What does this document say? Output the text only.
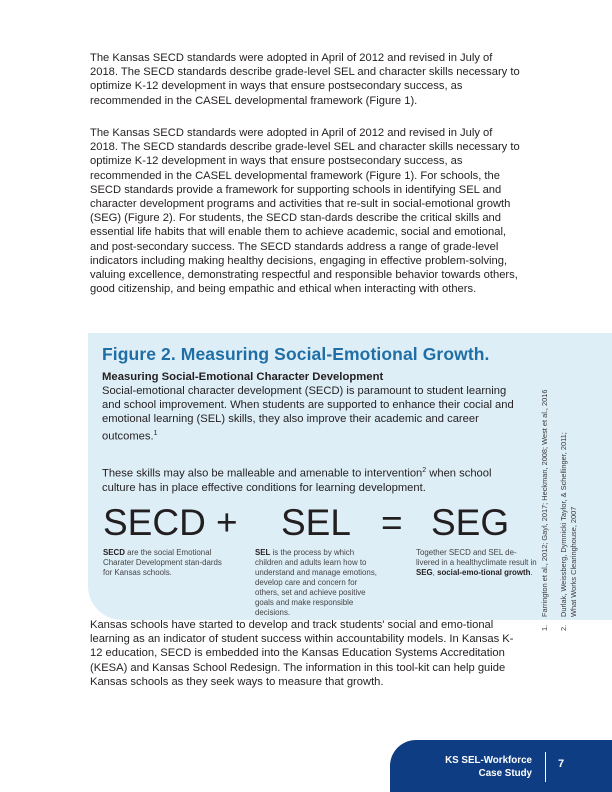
The Kansas SECD standards were adopted in April of 2012 and revised in July of 2018. The SECD standards describe grade-level SEL and character skills necessary to optimize K-12 development in ways that ensure postsecondary success, as recommended in the CASEL developmental framework (Figure 1).

The Kansas SECD standards were adopted in April of 2012 and revised in July of 2018. The SECD standards describe grade-level SEL and character skills necessary to optimize K-12 development in ways that ensure postsecondary success, as recommended in the CASEL developmental framework (Figure 1). For schools, the SECD standards provide a framework for supporting schools in identifying SEL and character development programs and activities that re-sult in social-emotional growth (SEG) (Figure 2). For students, the SECD stan-dards describe the critical skills and essential life habits that will enable them to achieve academic, social and emotional, and post-secondary success. The SECD standards address a range of grade-level indicators including making healthy decisions, engaging in effective problem-solving, valuing excellence, demonstrating respectful and responsible behavior towards others, good citizenship, and being empathic and ethical when interacting with others.

Figure 2. Measuring Social-Emotional Growth.

Measuring Social-Emotional Character Development

Social-emotional character development (SECD) is paramount to student learning and school improvement. When students are supported to enhance their cocial and emotional learning (SEL) skills, they also improve their academic and career outcomes.$^1$

These skills may also be malleable and amenable to intervention$^2$ when school culture has in place effective conditions for learning development.

SECD + SEL = SEG

SECD are the social Emotional Charater Development stan-dards for Kansas schools.

SEL is the process by which children and adults learn how to understand and manage emotions, develop care and concern for others, set and achieve positive goals and make responsible decisions.

Together SECD and SEL de-livered in a healthyclimate result in SEG, social-emo-tional growth.

1.
Farrington et al., 2012; Gayl, 2017; Heckman, 2008; West et al., 2016
2.
Durlak, Weissberg, Dymnicki Taylor, & Schellinger, 2011; What Works Clearinghouse, 2007

Kansas schools have started to develop and track students' social and emo-tional learning as an indicator of student success within accountability models. In Kansas K-12 education, SECD is embedded into the Kansas Education Systems Accreditation (KESA) and Kansas School Redesign. The information in this tool-kit can help guide Kansas schools as they seek ways to measure that growth.

KS SEL-Workforce
Case Study

7
